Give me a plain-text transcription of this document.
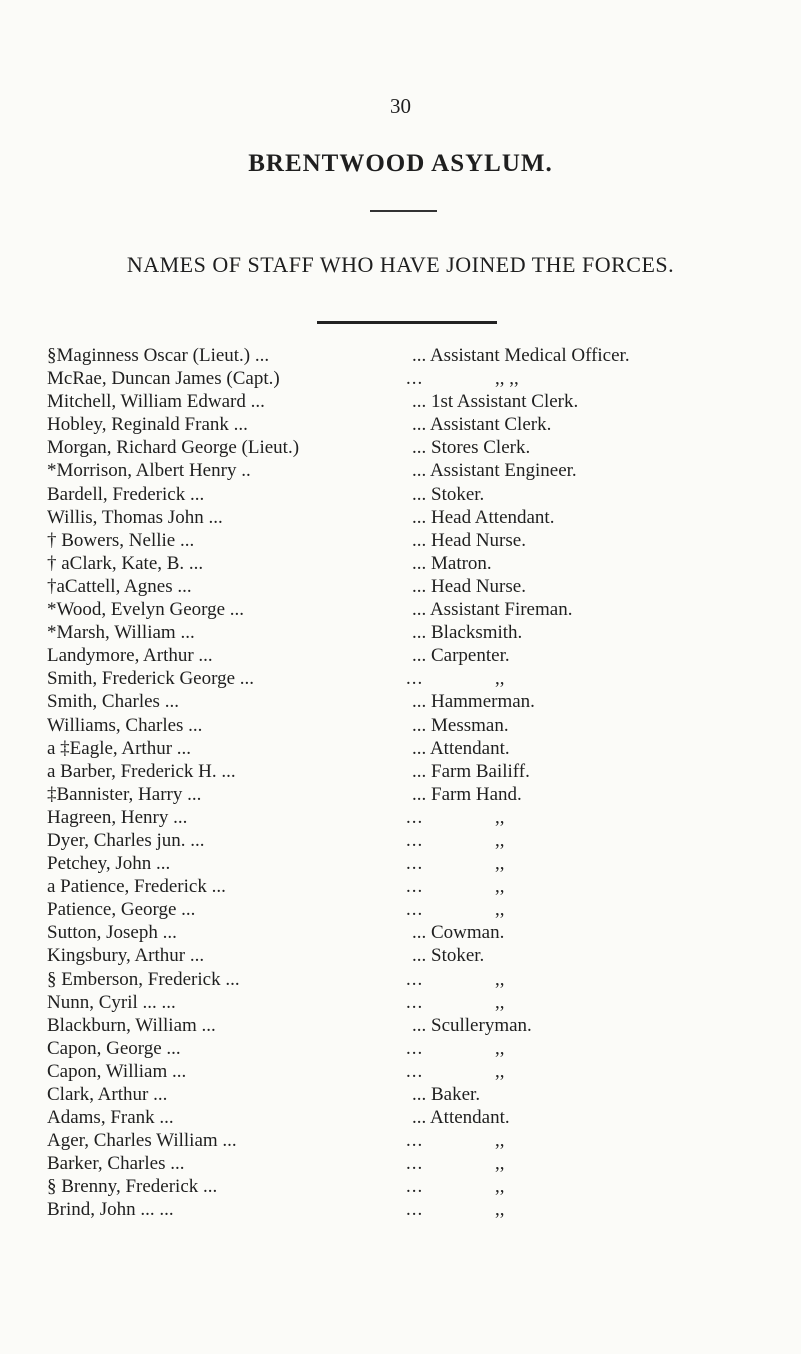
30
BRENTWOOD ASYLUM.
NAMES OF STAFF WHO HAVE JOINED THE FORCES.
§Maginness Oscar (Lieut.) ...	... Assistant Medical Officer.
McRae, Duncan James (Capt.)	...	,, ,,
Mitchell, William Edward ...	... 1st Assistant Clerk.
Hobley, Reginald Frank ...	... Assistant Clerk.
Morgan, Richard George (Lieut.)	... Stores Clerk.
*Morrison, Albert Henry ..	... Assistant Engineer.
Bardell, Frederick ...	... Stoker.
Willis, Thomas John ...	... Head Attendant.
† Bowers, Nellie ...	... Head Nurse.
† aClark, Kate, B. ...	... Matron.
†aCattell, Agnes ...	... Head Nurse.
*Wood, Evelyn George ...	... Assistant Fireman.
*Marsh, William ...	... Blacksmith.
Landymore, Arthur ...	... Carpenter.
Smith, Frederick George ...	...	,,
Smith, Charles ...	... Hammerman.
Williams, Charles ...	... Messman.
a ‡Eagle, Arthur ...	... Attendant.
a Barber, Frederick H. ...	... Farm Bailiff.
‡Bannister, Harry ...	... Farm Hand.
Hagreen, Henry ...	...	,,
Dyer, Charles jun. ...	...	,,
Petchey, John ...	...	,,
a Patience, Frederick ...	...	,,
Patience, George ...	...	,,
Sutton, Joseph ...	... Cowman.
Kingsbury, Arthur ...	... Stoker.
§ Emberson, Frederick ...	...	,,
Nunn, Cyril ... ...	...	,,
Blackburn, William ...	... Sculleryman.
Capon, George ...	...	,,
Capon, William ...	...	,,
Clark, Arthur ...	... Baker.
Adams, Frank ...	... Attendant.
Ager, Charles William ...	...	,,
Barker, Charles ...	...	,,
§ Brenny, Frederick ...	...	,,
Brind, John ... ...	...	,,
